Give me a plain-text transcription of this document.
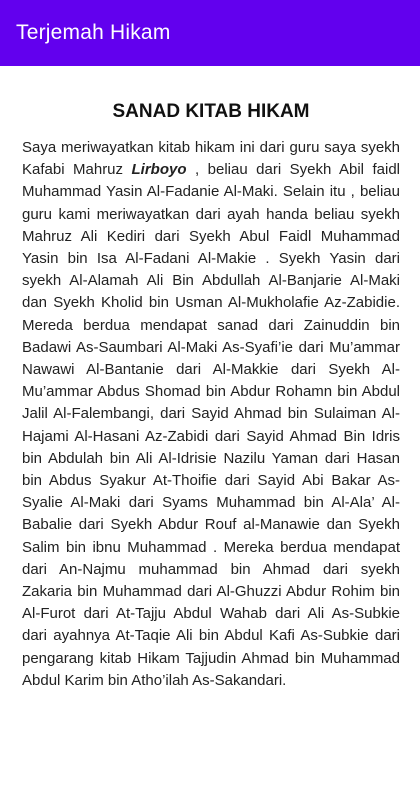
Terjemah Hikam
SANAD KITAB HIKAM

Saya meriwayatkan kitab hikam ini dari guru saya syekh Kafabi Mahruz Lirboyo , beliau dari Syekh Abil faidl Muhammad Yasin Al-Fadanie Al-Maki. Selain itu , beliau guru kami meriwayatkan dari ayah handa beliau syekh Mahruz Ali Kediri dari Syekh Abul Faidl Muhammad Yasin bin Isa Al-Fadani Al-Makie . Syekh Yasin dari syekh Al-Alamah Ali Bin Abdullah Al-Banjarie Al-Maki dan Syekh Kholid bin Usman Al-Mukholafie Az-Zabidie. Mereda berdua mendapat sanad dari Zainuddin bin Badawi As-Saumbari Al-Maki As-Syafi’ie dari Mu’ammar Nawawi Al-Bantanie dari Al-Makkie dari Syekh Al-Mu’ammar Abdus Shomad bin Abdur Rohamn bin Abdul Jalil Al-Falembangi, dari Sayid Ahmad bin Sulaiman Al-Hajami Al-Hasani Az-Zabidi dari Sayid Ahmad Bin Idris bin Abdulah bin Ali Al-Idrisie Nazilu Yaman dari Hasan bin Abdus Syakur At-Thoifie dari Sayid Abi Bakar As-Syalie Al-Maki dari Syams Muhammad bin Al-Ala’ Al-Babalie dari Syekh Abdur Rouf al-Manawie dan Syekh Salim bin ibnu Muhammad . Mereka berdua mendapat dari An-Najmu muhammad bin Ahmad dari syekh Zakaria bin Muhammad dari Al-Ghuzzi Abdur Rohim bin Al-Furot dari At-Tajju Abdul Wahab dari Ali As-Subkie dari ayahnya At-Taqie Ali bin Abdul Kafi As-Subkie dari pengarang kitab Hikam Tajjudin Ahmad bin Muhammad Abdul Karim bin Atho’ilah As-Sakandari.
